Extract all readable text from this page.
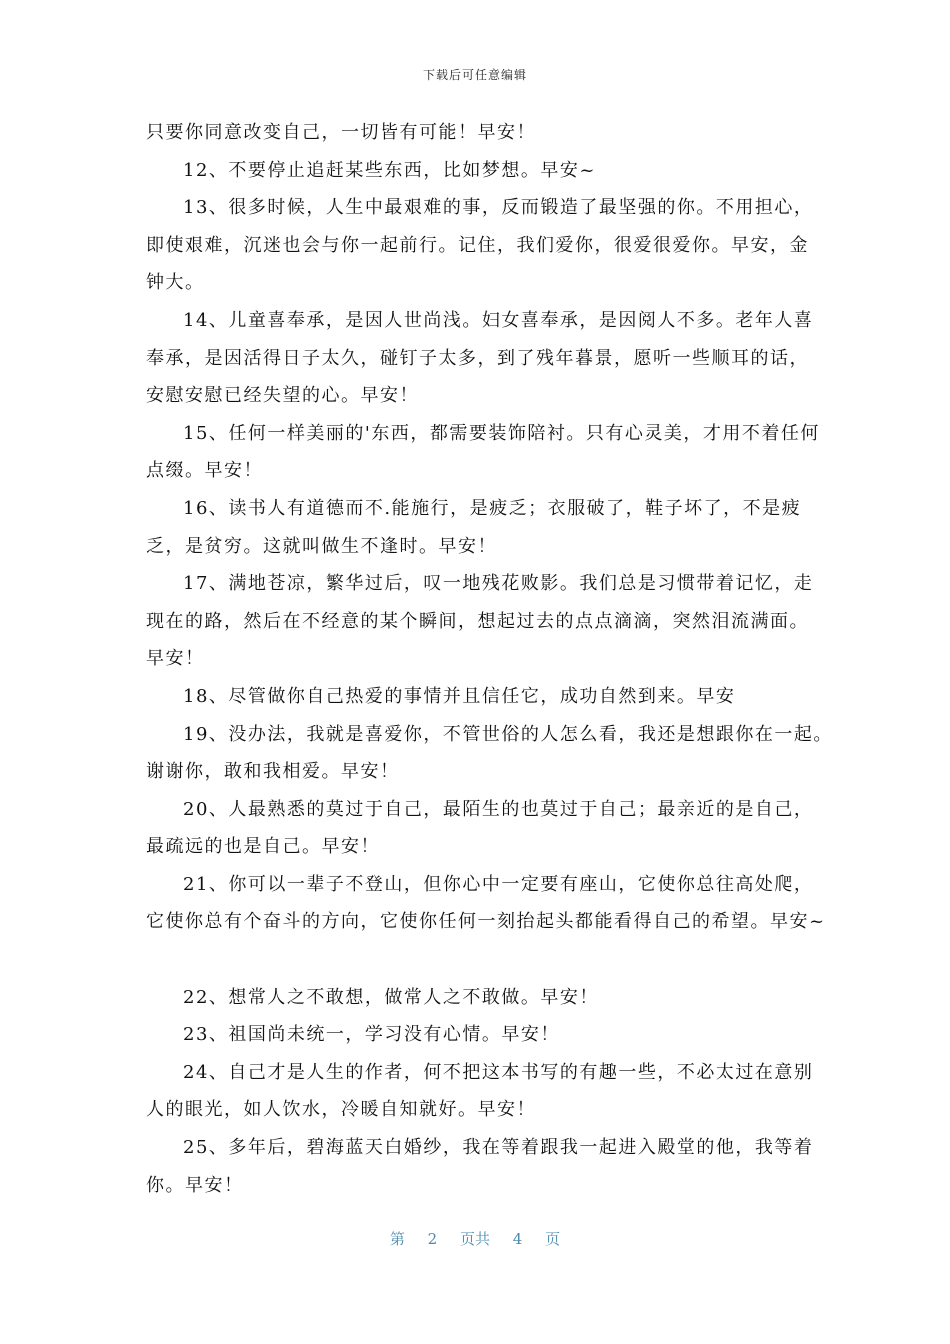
下载后可任意编辑
只要你同意改变自己，一切皆有可能！早安！
12、不要停止追赶某些东西，比如梦想。早安~
13、很多时候，人生中最艰难的事，反而锻造了最坚强的你。不用担心，
即使艰难，沉迷也会与你一起前行。记住，我们爱你，很爱很爱你。早安，金
钟大。
14、儿童喜奉承，是因人世尚浅。妇女喜奉承，是因阅人不多。老年人喜
奉承，是因活得日子太久，碰钉子太多，到了残年暮景，愿听一些顺耳的话，
安慰安慰已经失望的心。早安！
15、任何一样美丽的'东西，都需要装饰陪衬。只有心灵美，才用不着任何
点缀。早安！
16、读书人有道德而不.能施行，是疲乏；衣服破了，鞋子坏了，不是疲
乏，是贫穷。这就叫做生不逢时。早安！
17、满地苍凉，繁华过后，叹一地残花败影。我们总是习惯带着记忆，走
现在的路，然后在不经意的某个瞬间，想起过去的点点滴滴，突然泪流满面。
早安！
18、尽管做你自己热爱的事情并且信任它，成功自然到来。早安
19、没办法，我就是喜爱你，不管世俗的人怎么看，我还是想跟你在一起。
谢谢你，敢和我相爱。早安！
20、人最熟悉的莫过于自己，最陌生的也莫过于自己；最亲近的是自己，
最疏远的也是自己。早安！
21、你可以一辈子不登山，但你心中一定要有座山，它使你总往高处爬，
它使你总有个奋斗的方向，它使你任何一刻抬起头都能看得自己的希望。早安~
22、想常人之不敢想，做常人之不敢做。早安！
23、祖国尚未统一，学习没有心情。早安！
24、自己才是人生的作者，何不把这本书写的有趣一些，不必太过在意别
人的眼光，如人饮水，冷暖自知就好。早安！
25、多年后，碧海蓝天白婚纱，我在等着跟我一起进入殿堂的他，我等着
你。早安！
第 2 页共 4 页
